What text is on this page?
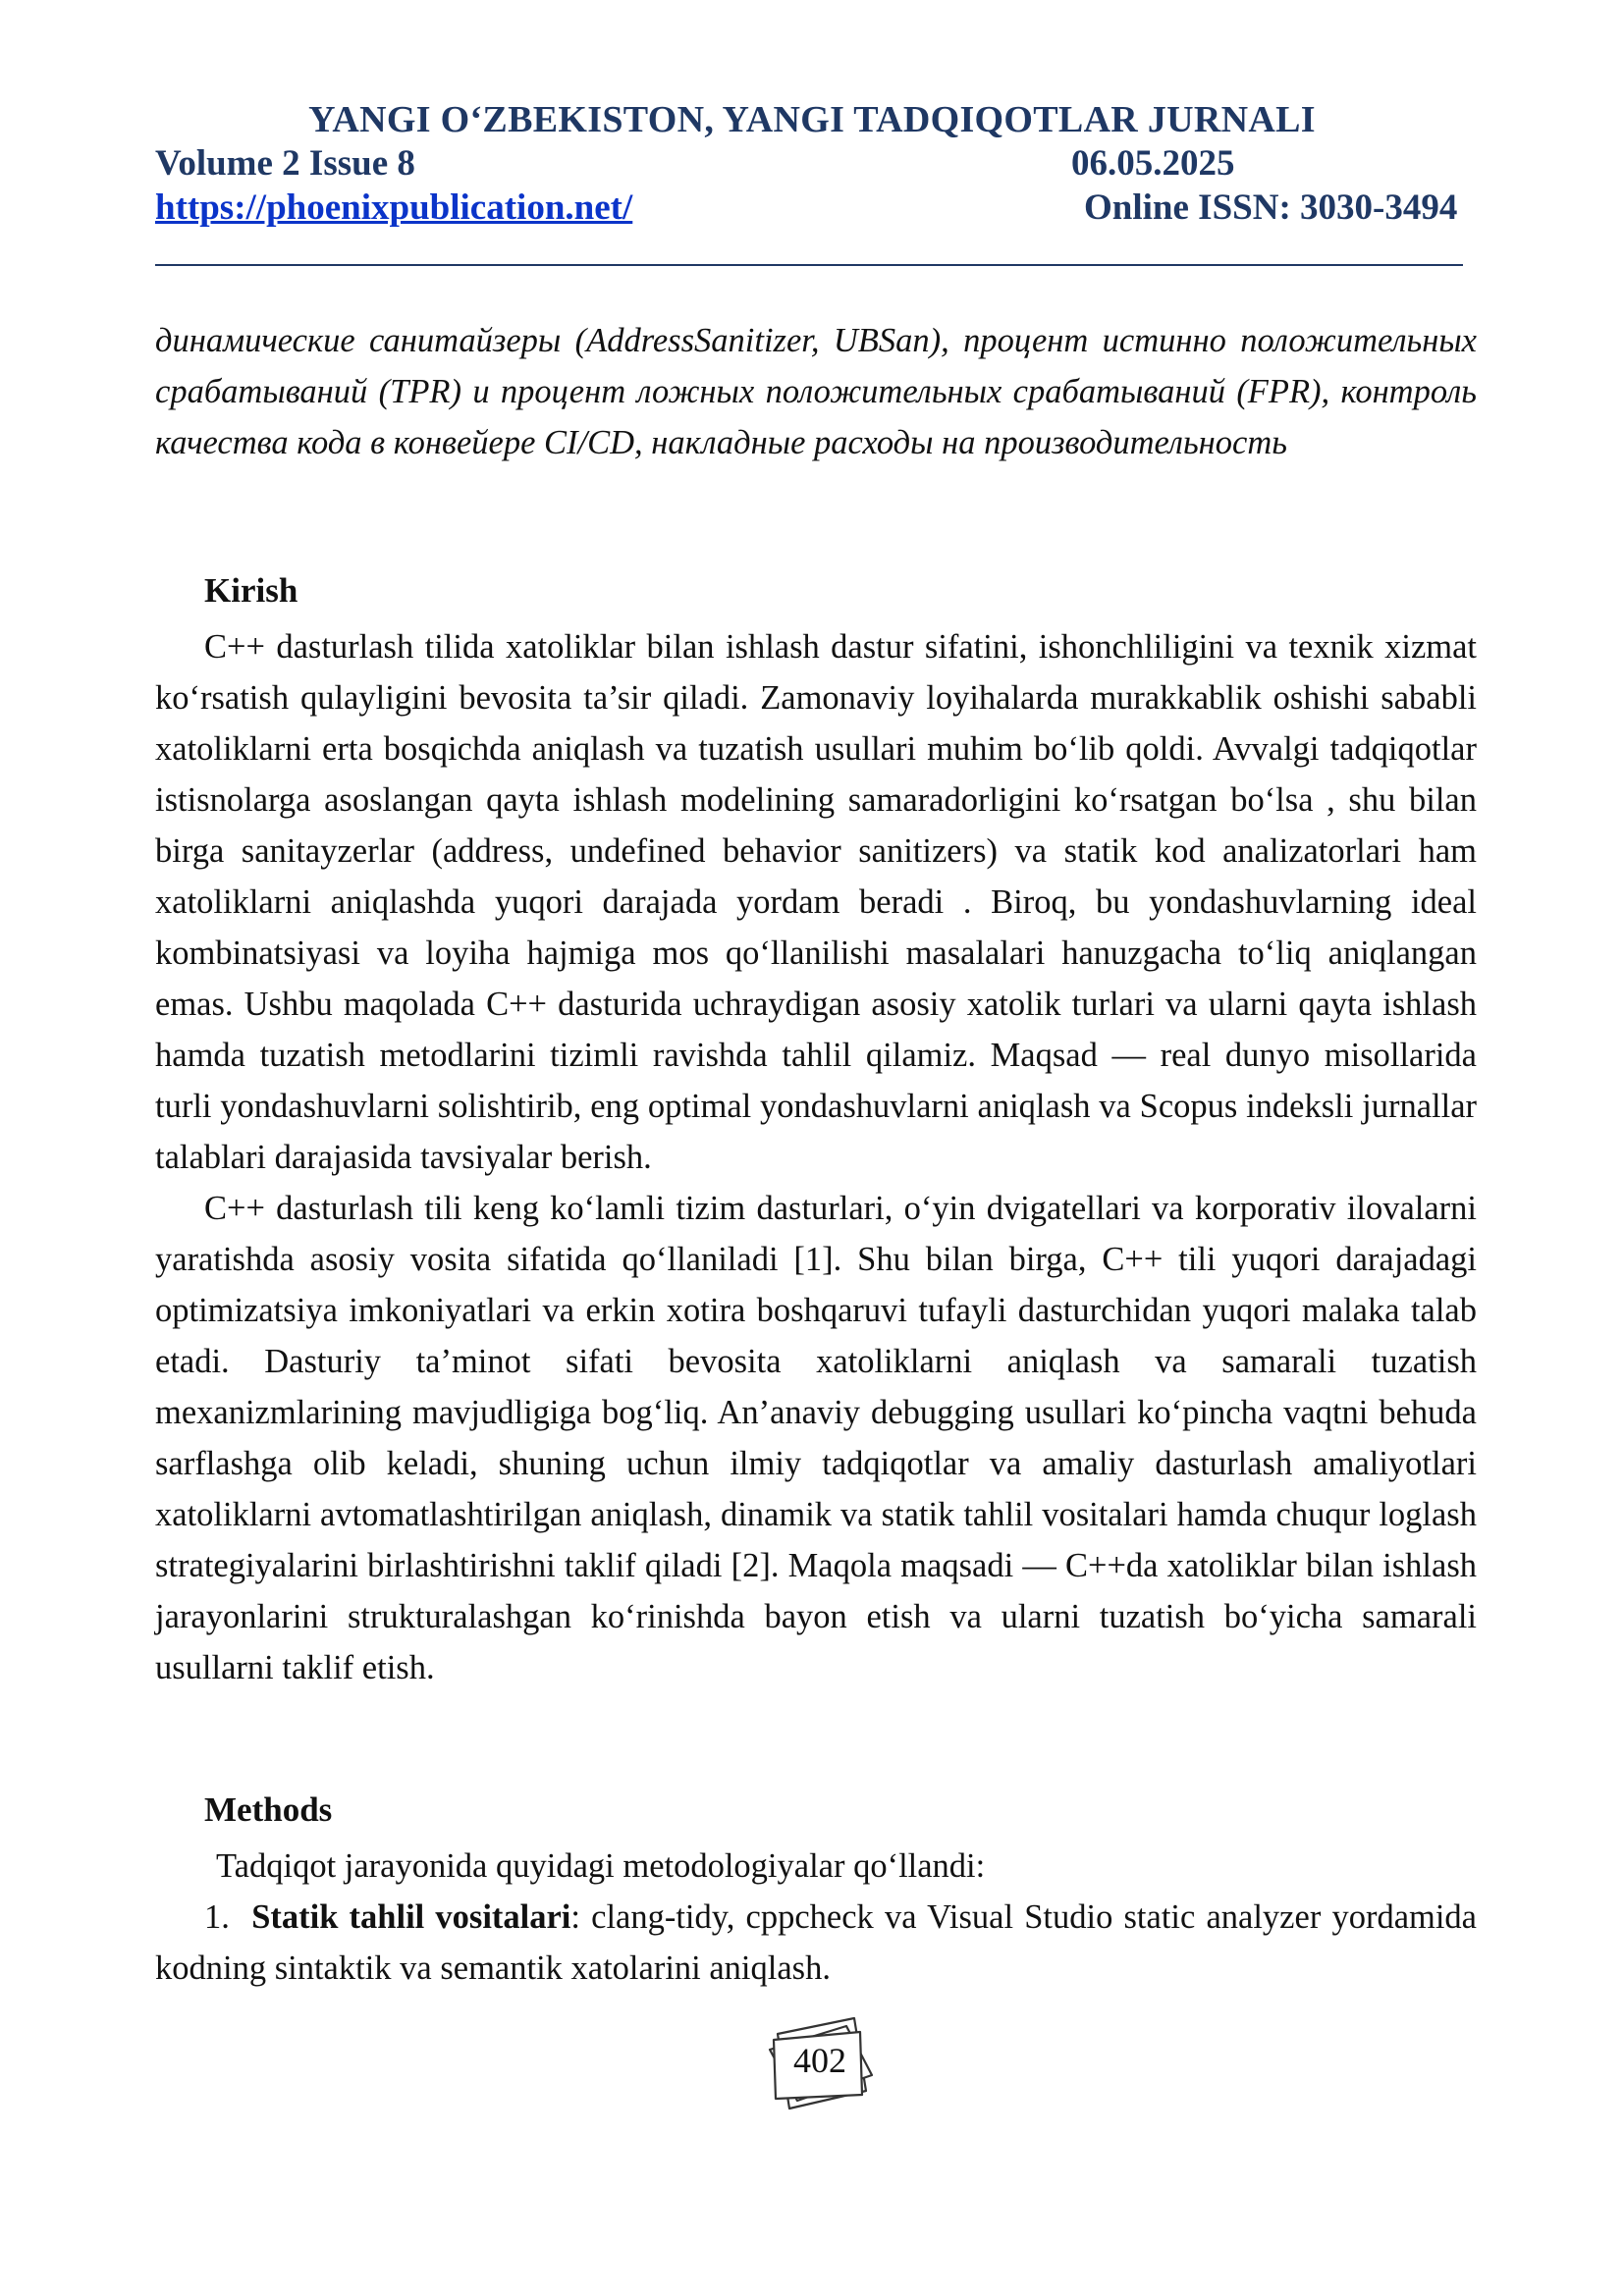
YANGI O‘ZBEKISTON, YANGI TADQIQOTLAR JURNALI
Volume 2 Issue 8	06.05.2025
https://phoenixpublication.net/	Online ISSN: 3030-3494

динамические санитайзеры (AddressSanitizer, UBSan), процент истинно положительных срабатываний (TPR) и процент ложных положительных срабатываний (FPR), контроль качества кода в конвейере CI/CD, накладные расходы на производительность

Kirish

C++ dasturlash tilida xatoliklar bilan ishlash dastur sifatini, ishonchliligini va texnik xizmat ko‘rsatish qulayligini bevosita ta’sir qiladi. Zamonaviy loyihalarda murakkablik oshishi sababli xatoliklarni erta bosqichda aniqlash va tuzatish usullari muhim bo‘lib qoldi. Avvalgi tadqiqotlar istisnolarga asoslangan qayta ishlash modelining samaradorligini ko‘rsatgan bo‘lsa , shu bilan birga sanitayzerlar (address, undefined behavior sanitizers) va statik kod analizatorlari ham xatoliklarni aniqlashda yuqori darajada yordam beradi . Biroq, bu yondashuvlarning ideal kombinatsiyasi va loyiha hajmiga mos qo‘llanilishi masalalari hanuzgacha to‘liq aniqlangan emas. Ushbu maqolada C++ dasturida uchraydigan asosiy xatolik turlari va ularni qayta ishlash hamda tuzatish metodlarini tizimli ravishda tahlil qilamiz. Maqsad — real dunyo misollarida turli yondashuvlarni solishtirib, eng optimal yondashuvlarni aniqlash va Scopus indeksli jurnallar talablari darajasida tavsiyalar berish.

C++ dasturlash tili keng ko‘lamli tizim dasturlari, o‘yin dvigatellari va korporativ ilovalarni yaratishda asosiy vosita sifatida qo‘llaniladi [1]. Shu bilan birga, C++ tili yuqori darajadagi optimizatsiya imkoniyatlari va erkin xotira boshqaruvi tufayli dasturchidan yuqori malaka talab etadi. Dasturiy ta’minot sifati bevosita xatoliklarni aniqlash va samarali tuzatish mexanizmlarining mavjudligiga bog‘liq. An’anaviy debugging usullari ko‘pincha vaqtni behuda sarflashga olib keladi, shuning uchun ilmiy tadqiqotlar va amaliy dasturlash amaliyotlari xatoliklarni avtomatlashtirilgan aniqlash, dinamik va statik tahlil vositalari hamda chuqur loglash strategiyalarini birlashtirishni taklif qiladi [2]. Maqola maqsadi — C++da xatoliklar bilan ishlash jarayonlarini strukturalashgan ko‘rinishda bayon etish va ularni tuzatish bo‘yicha samarali usullarni taklif etish.

Methods
Tadqiqot jarayonida quyidagi metodologiyalar qo‘llandi:

1. Statik tahlil vositalari: clang-tidy, cppcheck va Visual Studio static analyzer yordamida kodning sintaktik va semantik xatolarini aniqlash.

402
